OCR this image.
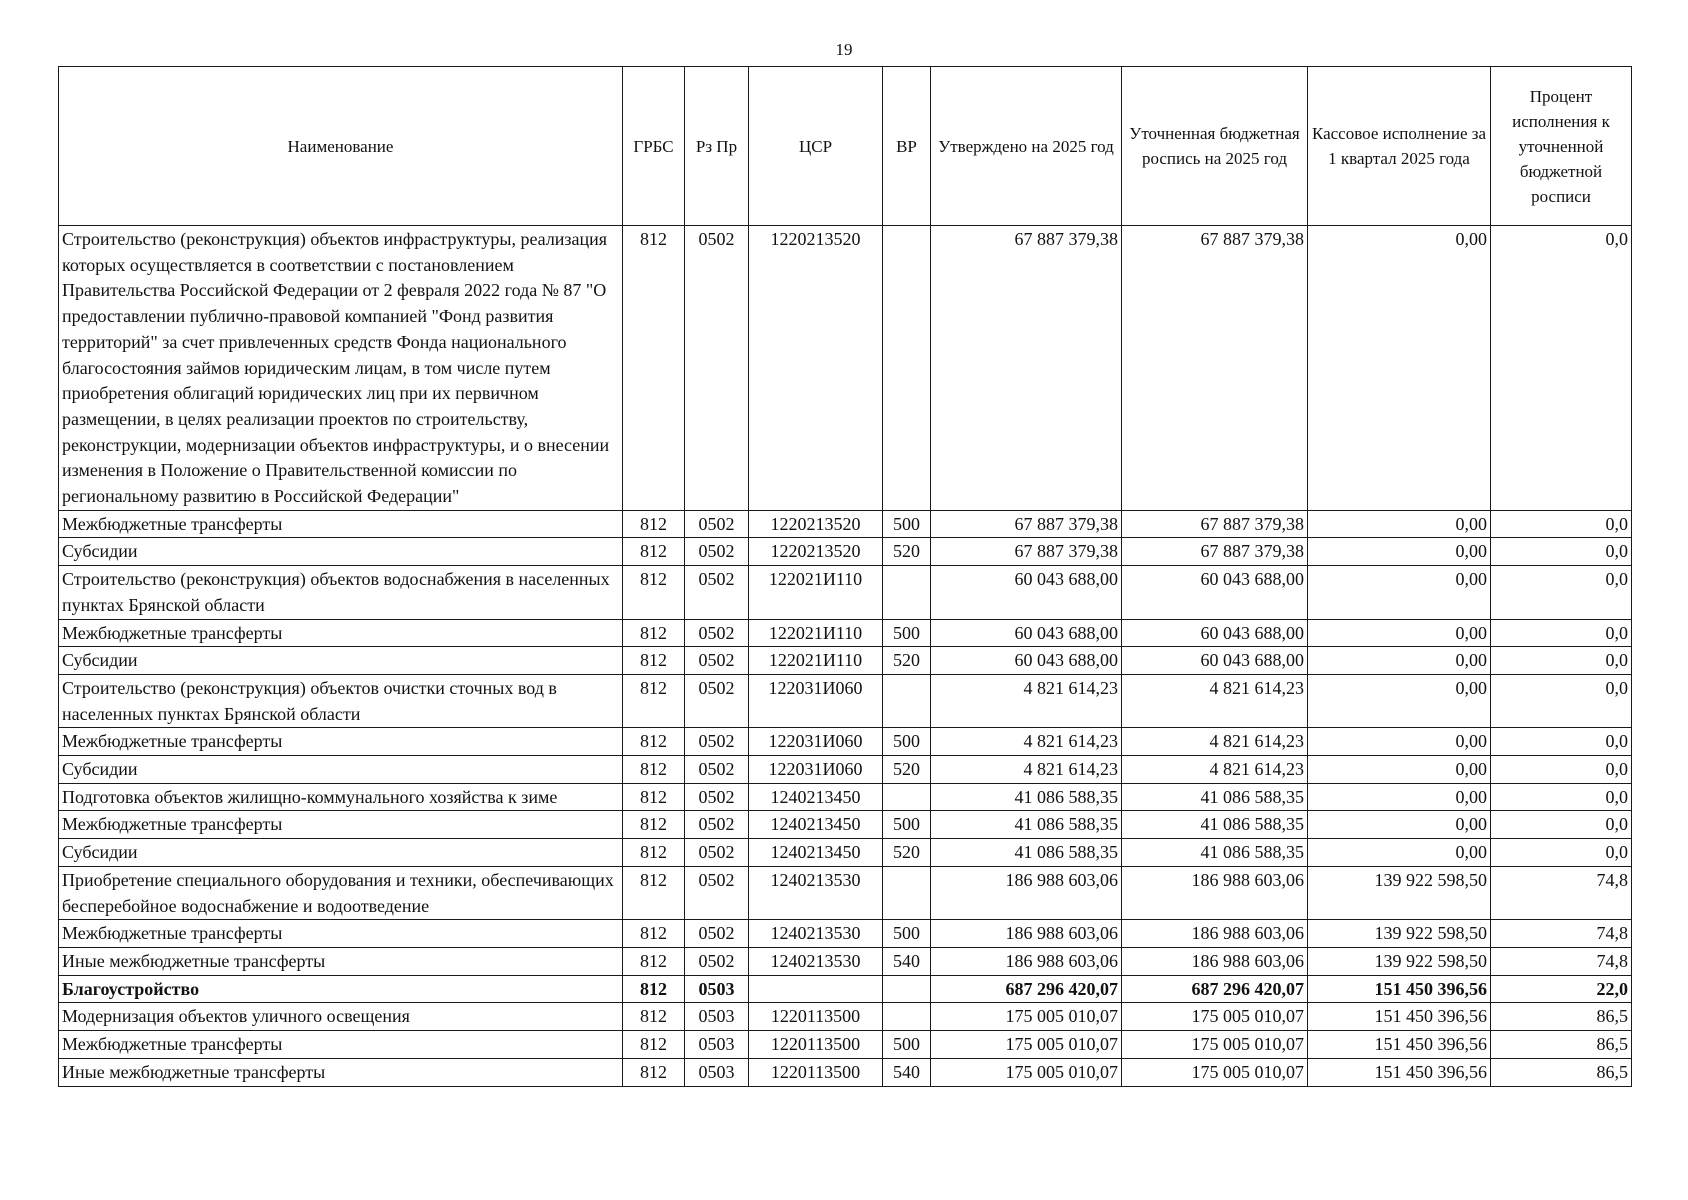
19
Наименование	ГРБС	Рз Пр	ЦСР	ВР	Утверждено на 2025 год	Уточненная бюджетная роспись на 2025 год	Кассовое исполнение за 1 квартал 2025 года	Процент исполнения к уточненной бюджетной росписи
Строительство (реконструкция) объектов инфраструктуры, реализация которых осуществляется в соответствии с постановлением Правительства Российской Федерации от 2 февраля 2022 года № 87 "О предоставлении публично-правовой компанией "Фонд развития территорий" за счет привлеченных средств Фонда национального благосостояния займов юридическим лицам, в том числе путем приобретения облигаций юридических лиц при их первичном размещении, в целях реализации проектов по строительству, реконструкции, модернизации объектов инфраструктуры, и о внесении изменения в Положение о Правительственной комиссии по региональному развитию в Российской Федерации"	812	0502	1220213520		67 887 379,38	67 887 379,38	0,00	0,0
Межбюджетные трансферты	812	0502	1220213520	500	67 887 379,38	67 887 379,38	0,00	0,0
Субсидии	812	0502	1220213520	520	67 887 379,38	67 887 379,38	0,00	0,0
Строительство (реконструкция) объектов водоснабжения в населенных пунктах Брянской области	812	0502	122021И110		60 043 688,00	60 043 688,00	0,00	0,0
Межбюджетные трансферты	812	0502	122021И110	500	60 043 688,00	60 043 688,00	0,00	0,0
Субсидии	812	0502	122021И110	520	60 043 688,00	60 043 688,00	0,00	0,0
Строительство (реконструкция) объектов очистки сточных вод в населенных пунктах Брянской области	812	0502	122031И060		4 821 614,23	4 821 614,23	0,00	0,0
Межбюджетные трансферты	812	0502	122031И060	500	4 821 614,23	4 821 614,23	0,00	0,0
Субсидии	812	0502	122031И060	520	4 821 614,23	4 821 614,23	0,00	0,0
Подготовка объектов жилищно-коммунального хозяйства к зиме	812	0502	1240213450		41 086 588,35	41 086 588,35	0,00	0,0
Межбюджетные трансферты	812	0502	1240213450	500	41 086 588,35	41 086 588,35	0,00	0,0
Субсидии	812	0502	1240213450	520	41 086 588,35	41 086 588,35	0,00	0,0
Приобретение специального оборудования и техники, обеспечивающих бесперебойное водоснабжение и водоотведение	812	0502	1240213530		186 988 603,06	186 988 603,06	139 922 598,50	74,8
Межбюджетные трансферты	812	0502	1240213530	500	186 988 603,06	186 988 603,06	139 922 598,50	74,8
Иные межбюджетные трансферты	812	0502	1240213530	540	186 988 603,06	186 988 603,06	139 922 598,50	74,8
Благоустройство	812	0503			687 296 420,07	687 296 420,07	151 450 396,56	22,0
Модернизация объектов уличного освещения	812	0503	1220113500		175 005 010,07	175 005 010,07	151 450 396,56	86,5
Межбюджетные трансферты	812	0503	1220113500	500	175 005 010,07	175 005 010,07	151 450 396,56	86,5
Иные межбюджетные трансферты	812	0503	1220113500	540	175 005 010,07	175 005 010,07	151 450 396,56	86,5
